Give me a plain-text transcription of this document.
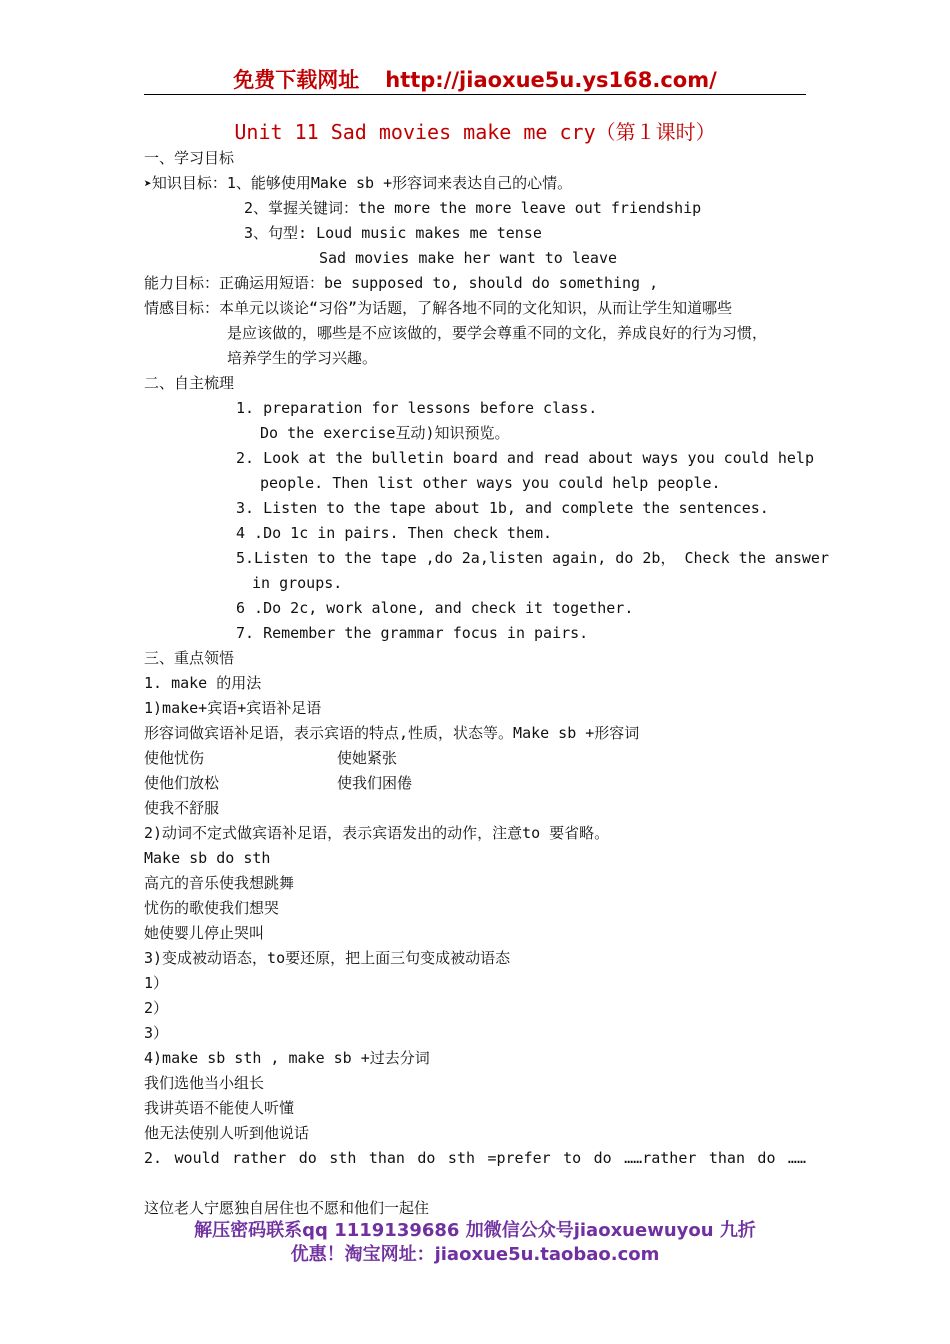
免费下载网址 http://jiaoxue5u.ys168.com/
Unit 11 Sad movies make me cry（第１课时）
一、学习目标
➤知识目标：1、能够使用Make sb +形容词来表达自己的心情。
2、掌握关键词：the more the more leave out friendship
3、句型: Loud music makes me tense
Sad movies make her want to leave
能力目标：正确运用短语：be supposed to, should do something ,
情感目标：本单元以谈论“习俗”为话题，了解各地不同的文化知识，从而让学生知道哪些
是应该做的，哪些是不应该做的，要学会尊重不同的文化，养成良好的行为习惯，
培养学生的学习兴趣。
二、自主梳理
1. preparation for lessons before class.
Do the exercise互动)知识预览。
2. Look at the bulletin board and read about ways you could help
people. Then list other ways you could help people.
3. Listen to the tape about 1b, and complete the sentences.
4 .Do 1c in pairs. Then check them.
5.Listen to the tape ,do 2a,listen again, do 2b， Check the answer
in groups.
6 .Do 2c, work alone, and check it together.
7. Remember the grammar focus in pairs.
三、重点领悟
1. make 的用法
1)make+宾语+宾语补足语
形容词做宾语补足语，表示宾语的特点,性质，状态等。Make sb +形容词
使他忧伤	使她紧张
使他们放松	使我们困倦
使我不舒服
2)动词不定式做宾语补足语，表示宾语发出的动作，注意to 要省略。
Make sb do sth
高亢的音乐使我想跳舞
忧伤的歌使我们想哭
她使婴儿停止哭叫
3)变成被动语态，to要还原，把上面三句变成被动语态
1）
2）
3）
4)make sb sth , make sb +过去分词
我们选他当小组长
我讲英语不能使人听懂
他无法使别人听到他说话
2. would rather do sth than do sth =prefer to do ……rather than do ……
这位老人宁愿独自居住也不愿和他们一起住
解压密码联系qq 1119139686 加微信公众号jiaoxuewuyou 九折
优惠！淘宝网址：jiaoxue5u.taobao.com
